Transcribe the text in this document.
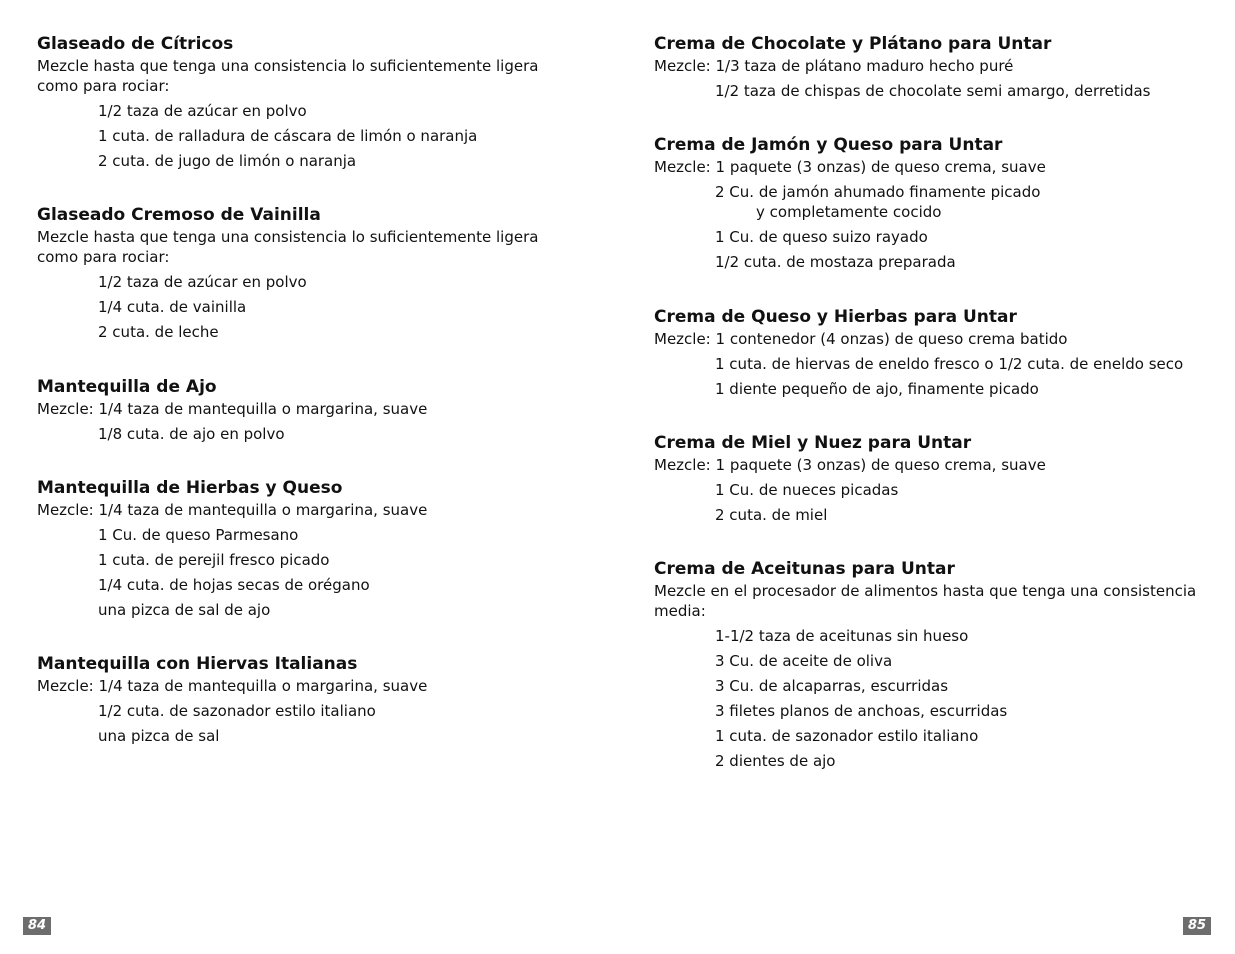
Glaseado de Cítricos
Mezcle hasta que tenga una consistencia lo suficientemente ligera como para rociar:
1/2 taza de azúcar en polvo
1 cuta. de ralladura de cáscara de limón o naranja
2 cuta. de jugo de limón o naranja
Glaseado Cremoso de Vainilla
Mezcle hasta que tenga una consistencia lo suficientemente ligera como para rociar:
1/2 taza de azúcar en polvo
1/4 cuta. de vainilla
2 cuta. de leche
Mantequilla de Ajo
Mezcle: 1/4 taza de mantequilla o margarina, suave
1/8 cuta. de ajo en polvo
Mantequilla de Hierbas y Queso
Mezcle: 1/4 taza de mantequilla o margarina, suave
1 Cu. de queso Parmesano
1 cuta. de perejil fresco picado
1/4 cuta. de hojas secas de orégano
una pizca de sal de ajo
Mantequilla con Hiervas Italianas
Mezcle: 1/4 taza de mantequilla o margarina, suave
1/2 cuta. de sazonador estilo italiano
una pizca de sal
84
Crema de Chocolate y Plátano para Untar
Mezcle: 1/3 taza de plátano maduro hecho puré
1/2 taza de chispas de chocolate semi amargo, derretidas
Crema de Jamón y Queso para Untar
Mezcle: 1 paquete (3 onzas) de queso crema, suave
2 Cu. de jamón ahumado finamente picado
y completamente cocido
1 Cu. de queso suizo rayado
1/2 cuta. de mostaza preparada
Crema de Queso y Hierbas para Untar
Mezcle: 1 contenedor (4 onzas) de queso crema batido
1 cuta. de hiervas de eneldo fresco o 1/2 cuta. de eneldo seco
1 diente pequeño de ajo, finamente picado
Crema de Miel y Nuez para Untar
Mezcle: 1 paquete (3 onzas) de queso crema, suave
1 Cu. de nueces picadas
2 cuta. de miel
Crema de Aceitunas para Untar
Mezcle en el procesador de alimentos hasta que tenga una consistencia media:
1-1/2 taza de aceitunas sin hueso
3 Cu. de aceite de oliva
3 Cu. de alcaparras, escurridas
3 filetes planos de anchoas, escurridas
1 cuta. de sazonador estilo italiano
2 dientes de ajo
85
